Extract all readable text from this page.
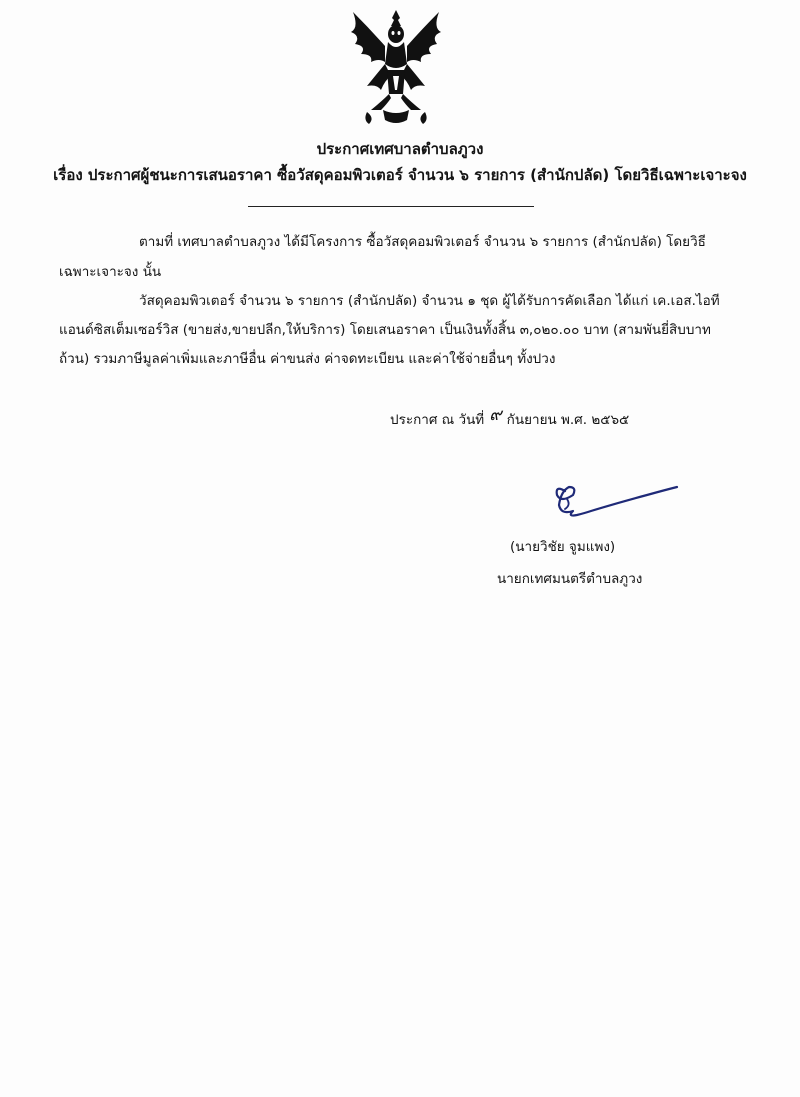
ประกาศเทศบาลตำบลภูวง
เรื่อง ประกาศผู้ชนะการเสนอราคา ซื้อวัสดุคอมพิวเตอร์ จำนวน ๖ รายการ (สำนักปลัด) โดยวิธีเฉพาะเจาะจง
ตามที่ เทศบาลตำบลภูวง ได้มีโครงการ ซื้อวัสดุคอมพิวเตอร์ จำนวน ๖ รายการ (สำนักปลัด) โดยวิธี
เฉพาะเจาะจง นั้น
วัสดุคอมพิวเตอร์ จำนวน ๖ รายการ (สำนักปลัด) จำนวน ๑ ชุด ผู้ได้รับการคัดเลือก ได้แก่ เค.เอส.ไอที
แอนด์ซิสเต็มเซอร์วิส (ขายส่ง,ขายปลีก,ให้บริการ) โดยเสนอราคา เป็นเงินทั้งสิ้น ๓,๐๒๐.๐๐ บาท (สามพันยี่สิบบาท
ถ้วน) รวมภาษีมูลค่าเพิ่มและภาษีอื่น ค่าขนส่ง ค่าจดทะเบียน และค่าใช้จ่ายอื่นๆ ทั้งปวง
ประกาศ ณ วันที่ ๙ กันยายน พ.ศ. ๒๕๖๕
(นายวิชัย จูมแพง)
นายกเทศมนตรีตำบลภูวง
